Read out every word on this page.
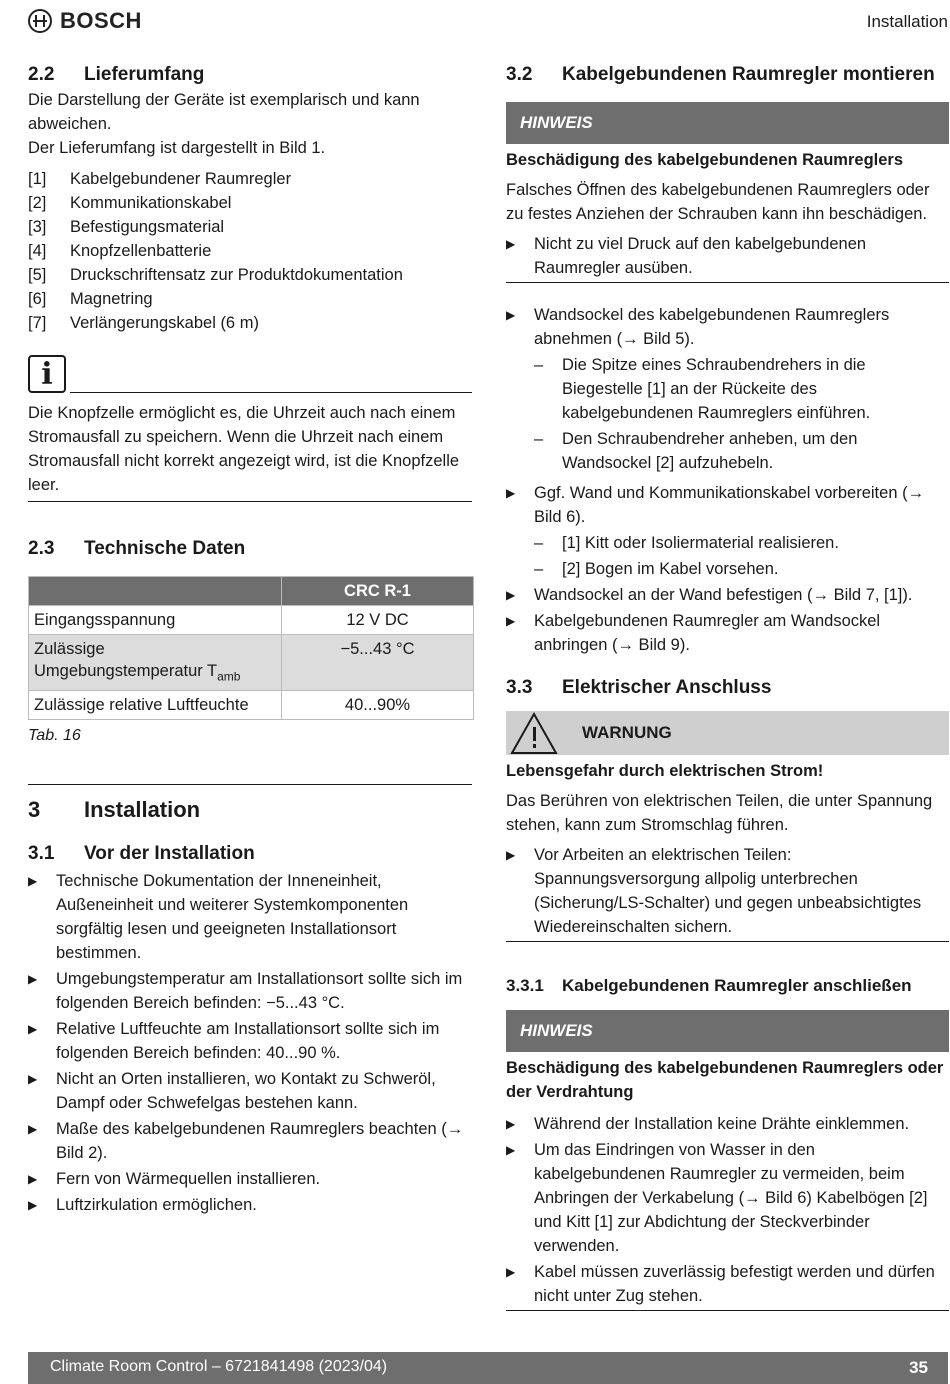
BOSCH	Installation
2.2	Lieferumfang

Die Darstellung der Geräte ist exemplarisch und kann abweichen.

Der Lieferumfang ist dargestellt in Bild 1.

[1]	Kabelgebundener Raumregler
[2]	Kommunikationskabel
[3]	Befestigungsmaterial
[4]	Knopfzellenbatterie
[5]	Druckschriftensatz zur Produktdokumentation
[6]	Magnetring
[7]	Verlängerungskabel (6 m)
i

Die Knopfzelle ermöglicht es, die Uhrzeit auch nach einem Stromausfall zu speichern. Wenn die Uhrzeit nach einem Stromausfall nicht korrekt angezeigt wird, ist die Knopfzelle leer.

2.3	Technische Daten
	CRC R-1
Eingangsspannung	12 V DC
Zulässige Umgebungstemperatur $T_{amb}$	−5...43 °C
Zulässige relative Luftfeuchte	40...90%
Tab. 16
3	Installation
3.1	Vor der Installation
▶ Technische Dokumentation der Inneneinheit, Außeneinheit und weiterer Systemkomponenten sorgfältig lesen und geeigneten Installationsort bestimmen.
▶ Umgebungstemperatur am Installationsort sollte sich im folgenden Bereich befinden: −5...43 °C.
▶ Relative Luftfeuchte am Installationsort sollte sich im folgenden Bereich befinden: 40...90 %.
▶ Nicht an Orten installieren, wo Kontakt zu Schweröl, Dampf oder Schwefelgas bestehen kann.
▶ Maße des kabelgebundenen Raumreglers beachten (→ Bild 2).
▶ Fern von Wärmequellen installieren.
▶ Luftzirkulation ermöglichen.
3.2	Kabelgebundenen Raumregler montieren
HINWEIS
Beschädigung des kabelgebundenen Raumreglers

Falsches Öffnen des kabelgebundenen Raumreglers oder zu festes Anziehen der Schrauben kann ihn beschädigen.

▶ Nicht zu viel Druck auf den kabelgebundenen Raumregler ausüben.
▶ Wandsockel des kabelgebundenen Raumreglers abnehmen (→ Bild 5).
– Die Spitze eines Schraubendrehers in die Biegestelle [1] an der Rückeite des kabelgebundenen Raumreglers einführen.
– Den Schraubendreher anheben, um den Wandsockel [2] aufzuhebeln.
▶ Ggf. Wand und Kommunikationskabel vorbereiten (→ Bild 6).
– [1] Kitt oder Isoliermaterial realisieren.
– [2] Bogen im Kabel vorsehen.
▶ Wandsockel an der Wand befestigen (→ Bild 7, [1]).
▶ Kabelgebundenen Raumregler am Wandsockel anbringen (→ Bild 9).
3.3	Elektrischer Anschluss
WARNUNG
Lebensgefahr durch elektrischen Strom!

Das Berühren von elektrischen Teilen, die unter Spannung stehen, kann zum Stromschlag führen.

▶ Vor Arbeiten an elektrischen Teilen: Spannungsversorgung allpolig unterbrechen (Sicherung/LS-Schalter) und gegen unbeabsichtigtes Wiedereinschalten sichern.
3.3.1	Kabelgebundenen Raumregler anschließen
HINWEIS
Beschädigung des kabelgebundenen Raumreglers oder der Verdrahtung
▶ Während der Installation keine Drähte einklemmen.
▶ Um das Eindringen von Wasser in den kabelgebundenen Raumregler zu vermeiden, beim Anbringen der Verkabelung (→ Bild 6) Kabelbögen [2] und Kitt [1] zur Abdichtung der Steckverbinder verwenden.
▶ Kabel müssen zuverlässig befestigt werden und dürfen nicht unter Zug stehen.
Climate Room Control – 6721841498 (2023/04)	35
